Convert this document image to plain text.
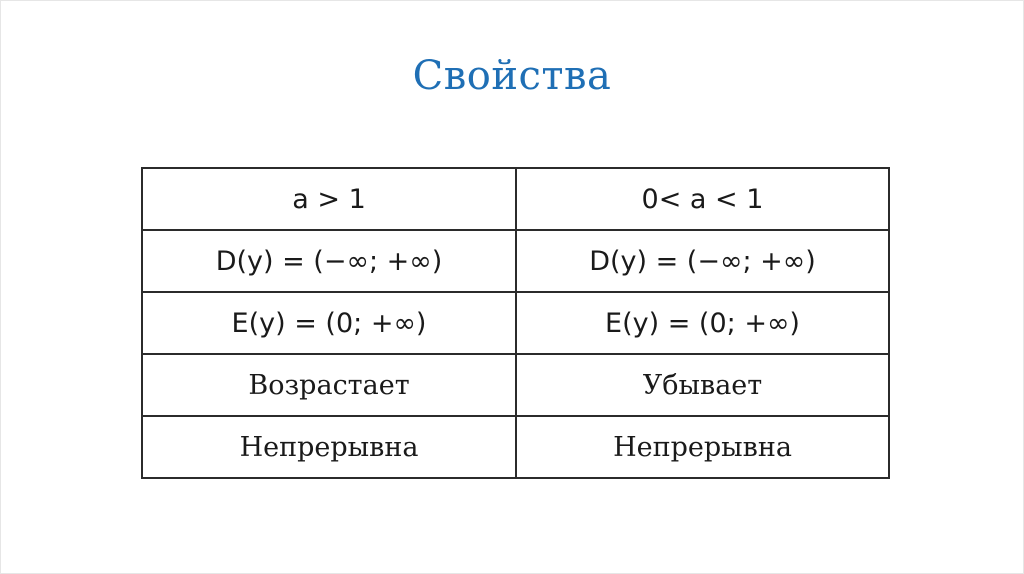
Свойства
a > 1	0< a < 1
D(y) = (−∞; +∞)	D(y) = (−∞; +∞)
E(y) = (0; +∞)	E(y) = (0; +∞)
Возрастает	Убывает
Непрерывна	Непрерывна
